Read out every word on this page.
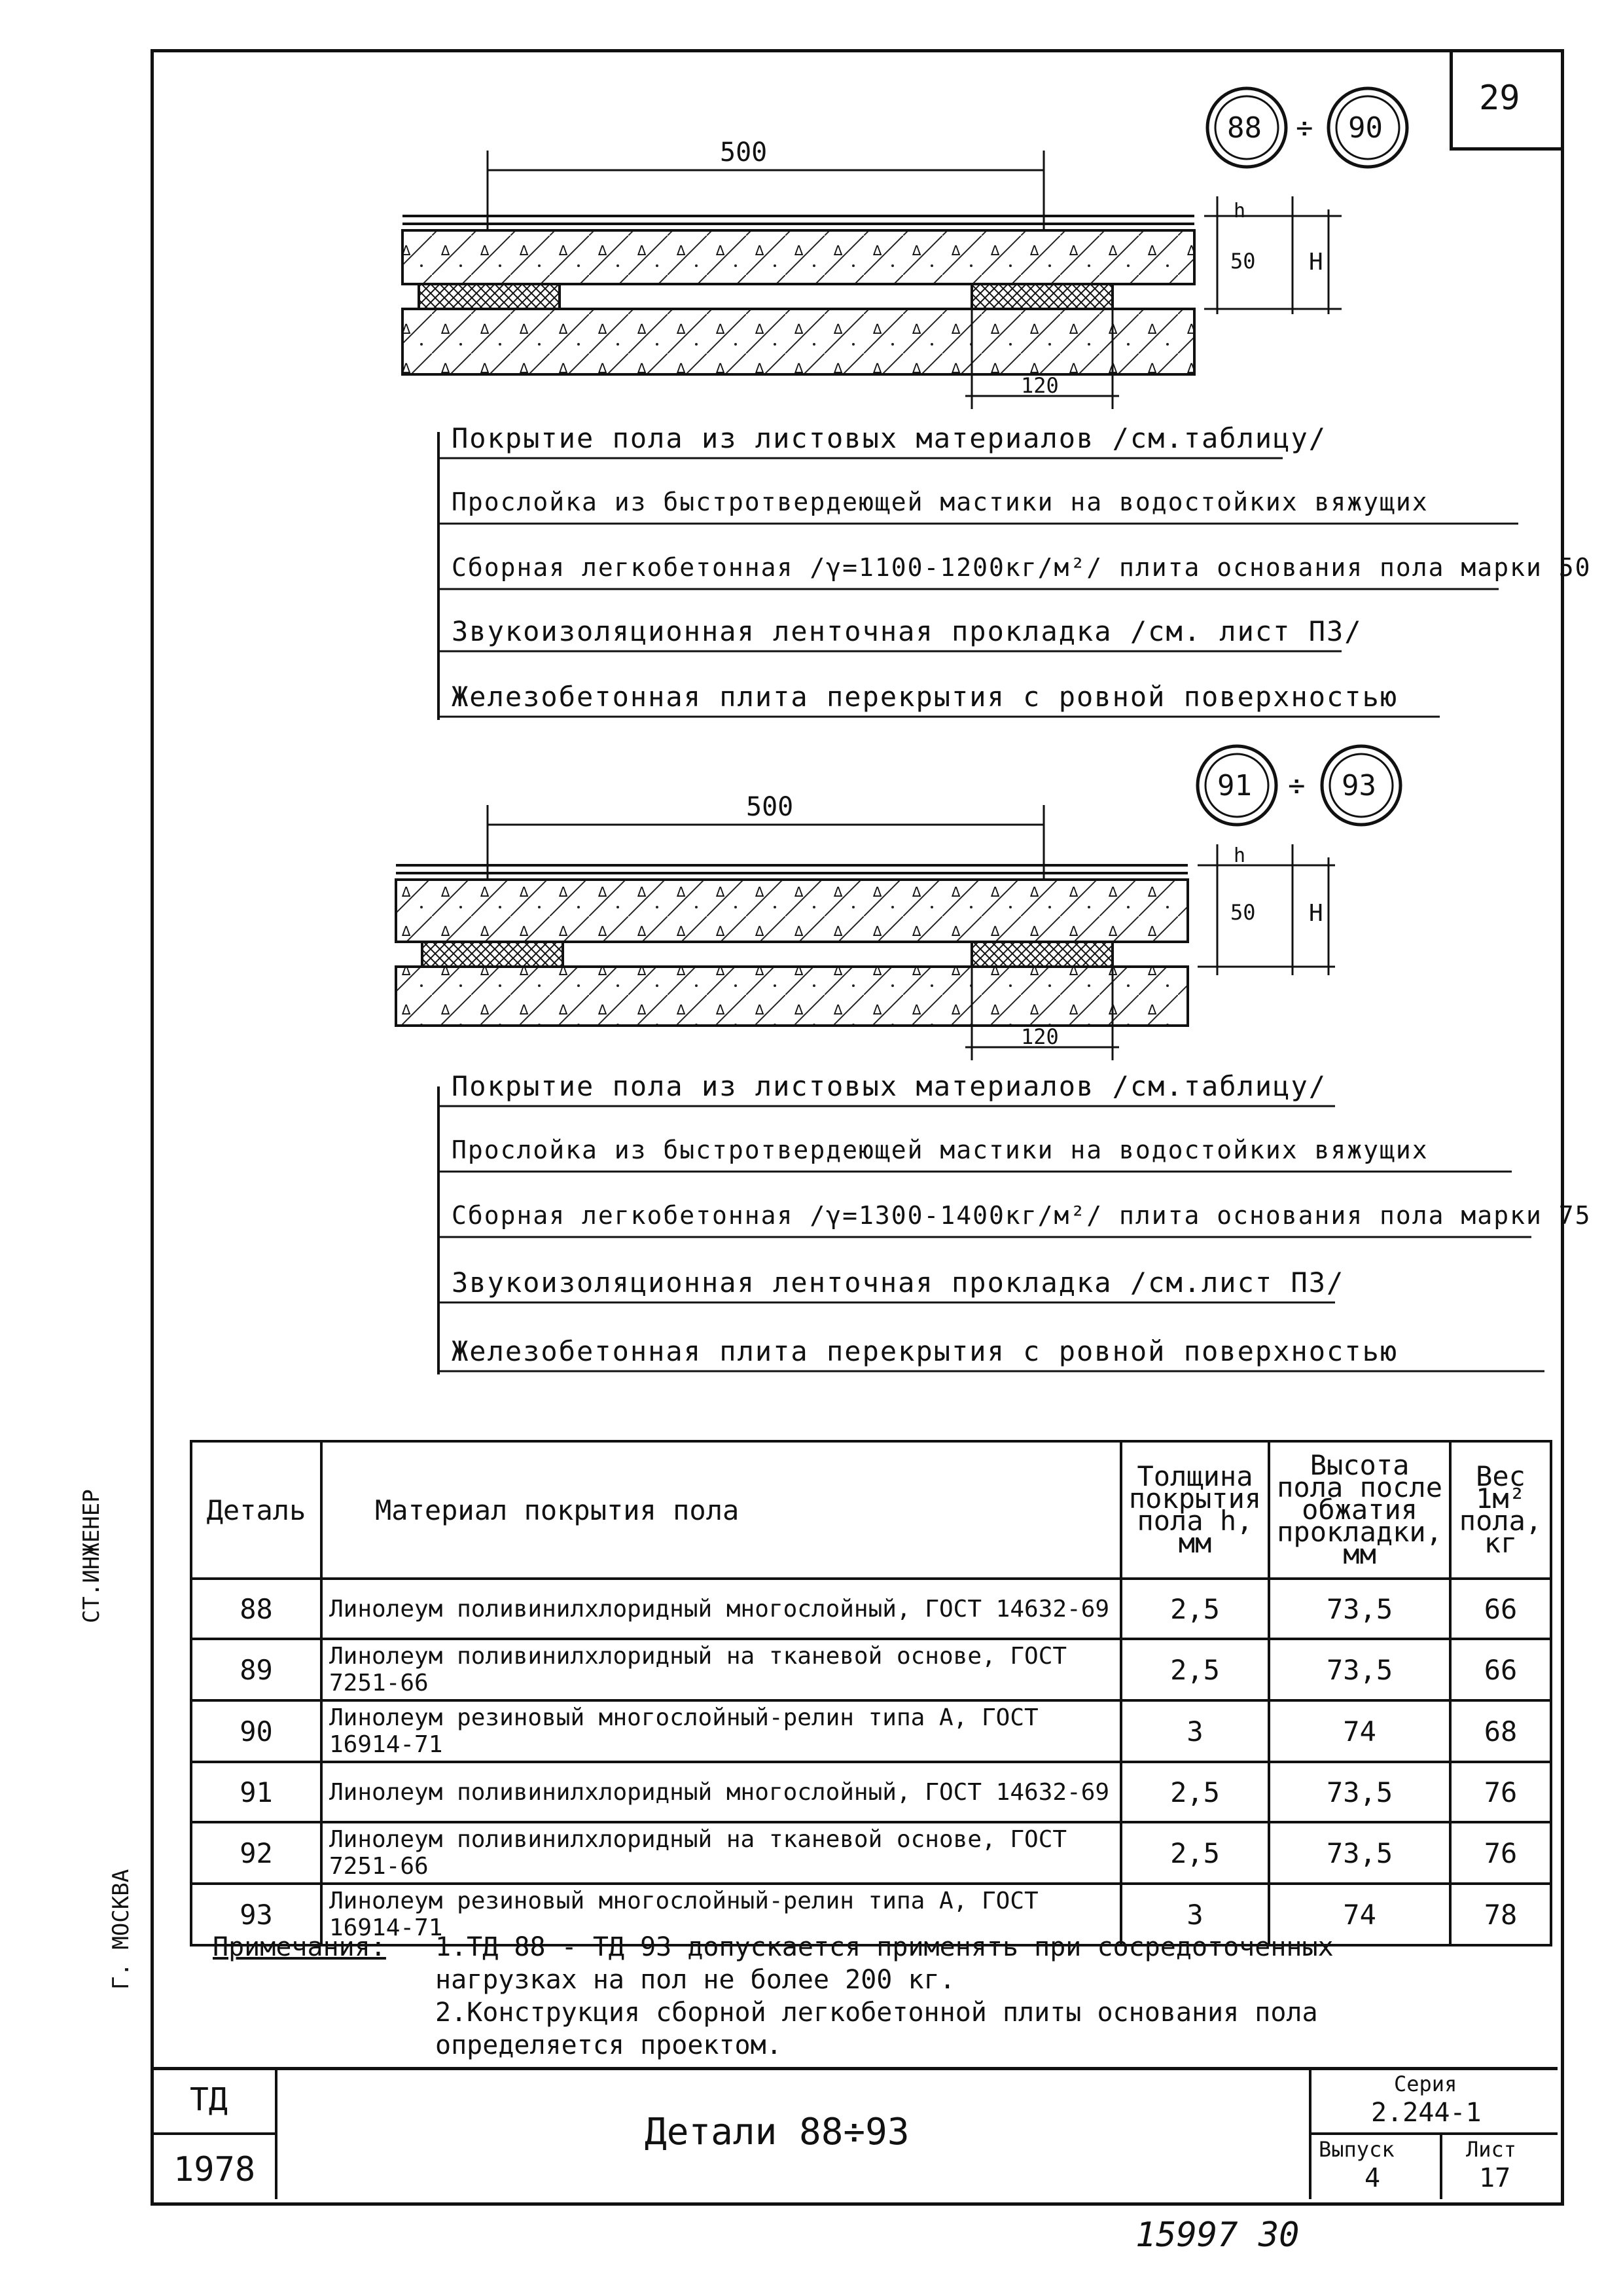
29
СТ.ИНЖЕНЕР
Г. МОСКВА
88 ÷ 90
500
120
h
50 H
Покрытие пола из листовых материалов /см.таблицу/
Прослойка из быстротвердеющей мастики на водостойких вяжущих
Сборная легкобетонная /γ=1100-1200кг/м²/ плита основания пола марки 50
Звукоизоляционная ленточная прокладка /см. лист П3/
Железобетонная плита перекрытия с ровной поверхностью
91 ÷ 93
500
120
h
50 H
Покрытие пола из листовых материалов /см.таблицу/
Прослойка из быстротвердеющей мастики на водостойких вяжущих
Сборная легкобетонная /γ=1300-1400кг/м²/ плита основания пола марки 75
Звукоизоляционная ленточная прокладка /см.лист П3/
Железобетонная плита перекрытия с ровной поверхностью
Деталь	Материал покрытия пола	Толщина покрытия пола h, мм	Высота пола после обжатия прокладки, мм	Вес 1м² пола, кг
88	Линолеум поливинилхлоридный многослойный, ГОСТ 14632-69	2,5	73,5	66
89	Линолеум поливинилхлоридный на тканевой основе, ГОСТ 7251-66	2,5	73,5	66
90	Линолеум резиновый многослойный-релин типа А, ГОСТ 16914-71	3	74	68
91	Линолеум поливинилхлоридный многослойный, ГОСТ 14632-69	2,5	73,5	76
92	Линолеум поливинилхлоридный на тканевой основе, ГОСТ 7251-66	2,5	73,5	76
93	Линолеум резиновый многослойный-релин типа А, ГОСТ 16914-71	3	74	78
Примечания: 1.ТД 88 - ТД 93 допускается применять при сосредоточенных нагрузках на пол не более 200 кг.
2.Конструкция сборной легкобетонной плиты основания пола определяется проектом.
ТД
1978
Детали 88÷93
Серия
2.244-1
Выпуск
4
Лист
17
15997 30
